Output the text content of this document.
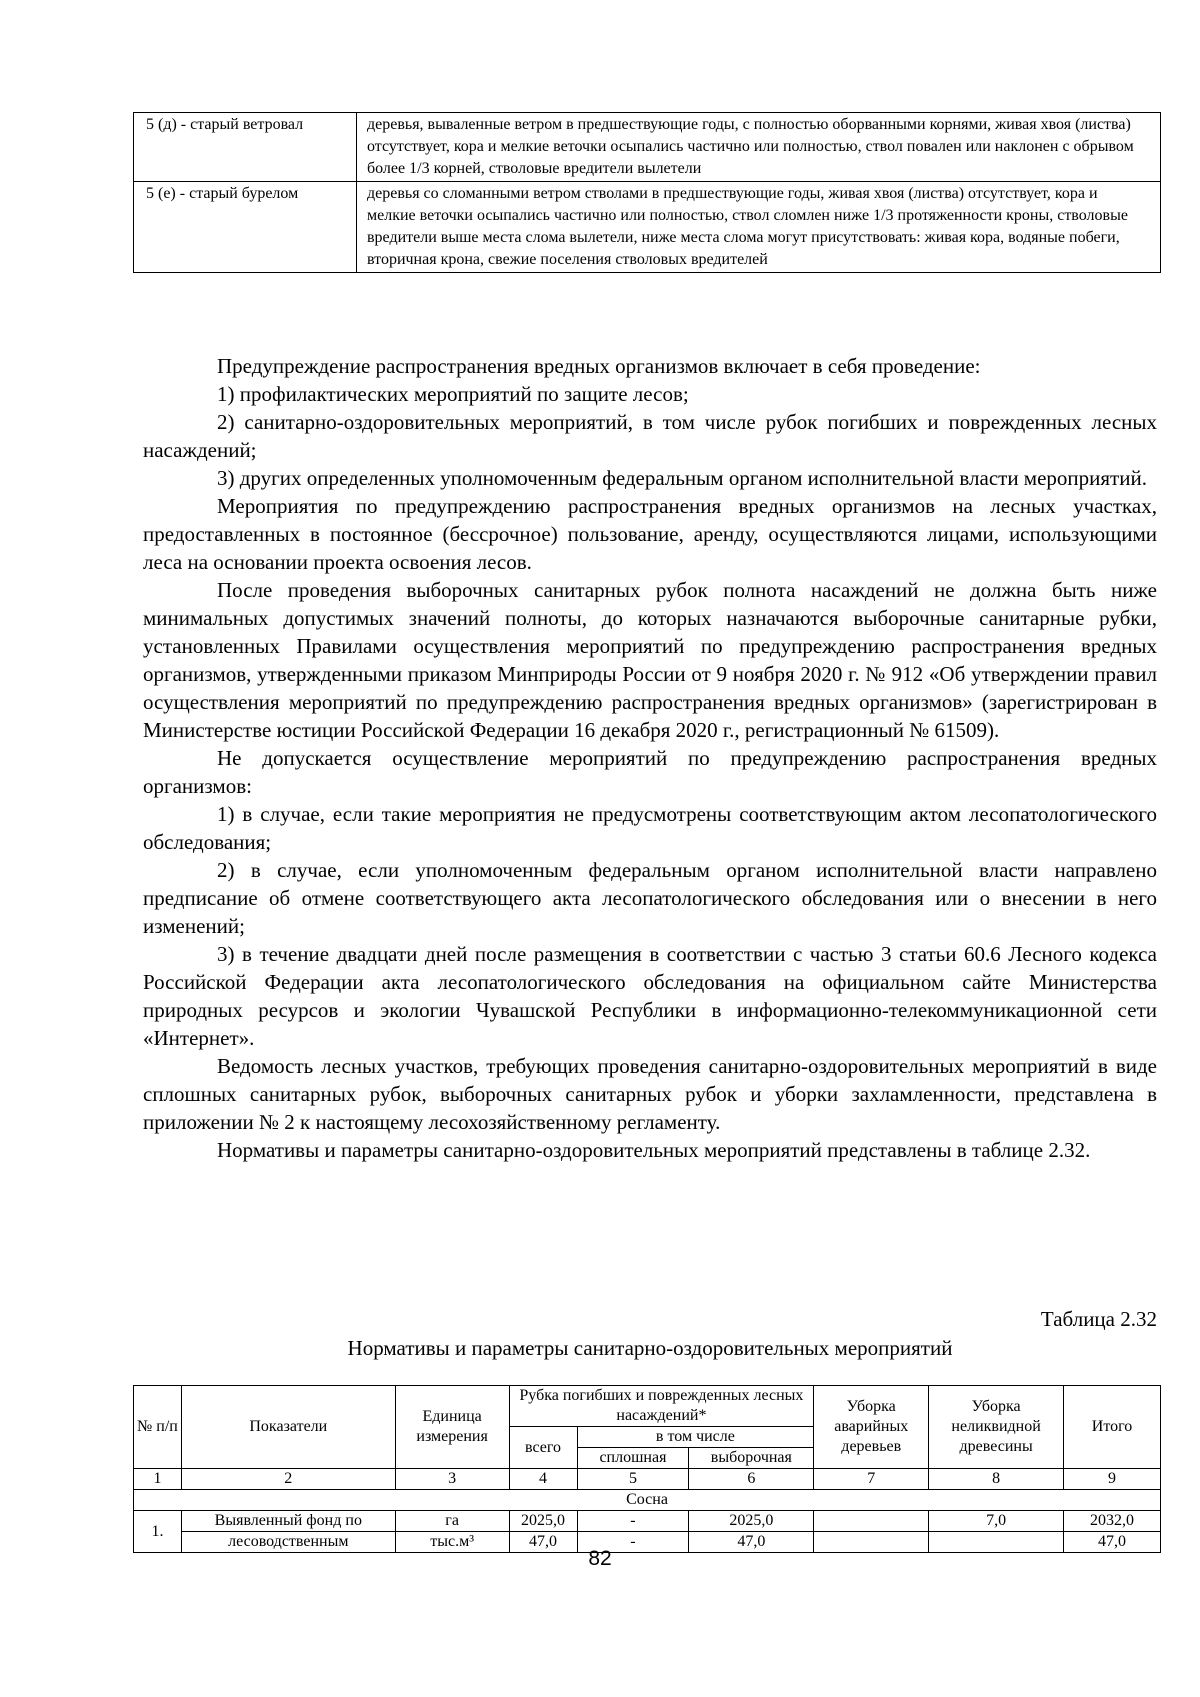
5 (д) - старый ветровал	деревья, вываленные ветром в предшествующие годы, с полностью оборванными корнями, живая хвоя (листва) отсутствует, кора и мелкие веточки осыпались частично или полностью, ствол повален или наклонен с обрывом более 1/3 корней, стволовые вредители вылетели
5 (е) - старый бурелом	деревья со сломанными ветром стволами в предшествующие годы, живая хвоя (листва) отсутствует, кора и мелкие веточки осыпались частично или полностью, ствол сломлен ниже 1/3 протяженности кроны, стволовые вредители выше места слома вылетели, ниже места слома могут присутствовать: живая кора, водяные побеги, вторичная крона, свежие поселения стволовых вредителей

Предупреждение распространения вредных организмов включает в себя проведение:

1) профилактических мероприятий по защите лесов;

2) санитарно-оздоровительных мероприятий, в том числе рубок погибших и поврежденных лесных насаждений;

3) других определенных уполномоченным федеральным органом исполнительной власти мероприятий.

Мероприятия по предупреждению распространения вредных организмов на лесных участках, предоставленных в постоянное (бессрочное) пользование, аренду, осуществляются лицами, использующими леса на основании проекта освоения лесов.

После проведения выборочных санитарных рубок полнота насаждений не должна быть ниже минимальных допустимых значений полноты, до которых назначаются выборочные санитарные рубки, установленных Правилами осуществления мероприятий по предупреждению распространения вредных организмов, утвержденными приказом Минприроды России от 9 ноября 2020 г. № 912 «Об утверждении правил осуществления мероприятий по предупреждению распространения вредных организмов» (зарегистрирован в Министерстве юстиции Российской Федерации 16 декабря 2020 г., регистрационный № 61509).

Не допускается осуществление мероприятий по предупреждению распространения вредных организмов:

1) в случае, если такие мероприятия не предусмотрены соответствующим актом лесопатологического обследования;

2) в случае, если уполномоченным федеральным органом исполнительной власти направлено предписание об отмене соответствующего акта лесопатологического обследования или о внесении в него изменений;

3) в течение двадцати дней после размещения в соответствии с частью 3 статьи 60.6 Лесного кодекса Российской Федерации акта лесопатологического обследования на официальном сайте Министерства природных ресурсов и экологии Чувашской Республики в информационно-телекоммуникационной сети «Интернет».

Ведомость лесных участков, требующих проведения санитарно-оздоровительных мероприятий в виде сплошных санитарных рубок, выборочных санитарных рубок и уборки захламленности, представлена в приложении № 2 к настоящему лесохозяйственному регламенту.

Нормативы и параметры санитарно-оздоровительных мероприятий представлены в таблице 2.32.

Таблица 2.32
Нормативы и параметры санитарно-оздоровительных мероприятий
№ п/п	Показатели	Единица измерения	Рубка погибших и поврежденных лесных насаждений*			Уборка аварийных деревьев	Уборка неликвидной древесины	Итого
			всего	в том числе				
				сплошная	выборочная			
1	2	3	4	5	6	7	8	9
Сосна								
1.	Выявленный фонд по	га	2025,0	-	2025,0		7,0	2032,0
	лесоводственным	тыс.м³	47,0	-	47,0			47,0
82
